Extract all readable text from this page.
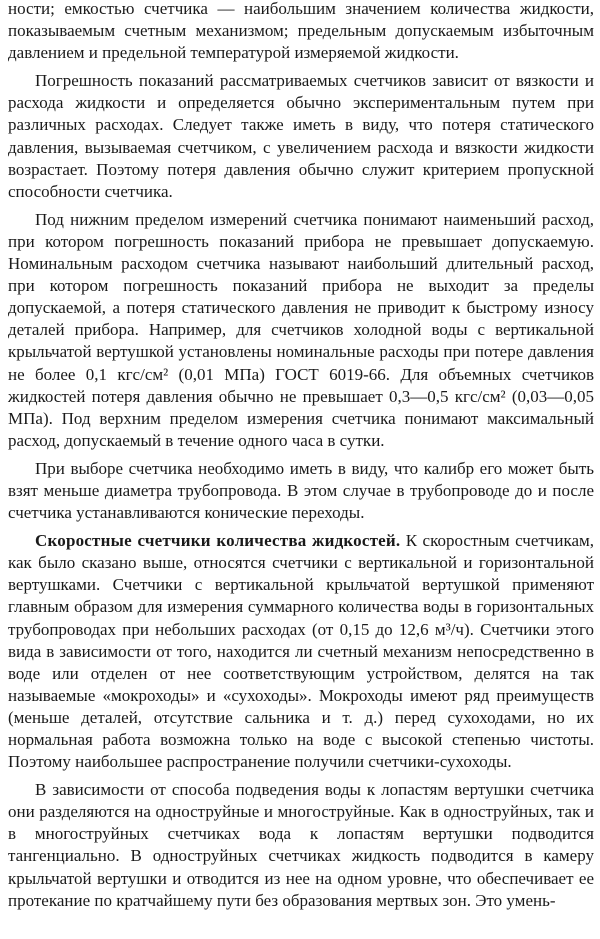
ности; емкостью счетчика — наибольшим значением количества жидкости, показываемым счетным механизмом; предельным допускаемым избыточным давлением и предельной температурой измеряемой жидкости.

Погрешность показаний рассматриваемых счетчиков зависит от вязкости и расхода жидкости и определяется обычно экспериментальным путем при различных расходах. Следует также иметь в виду, что потеря статического давления, вызываемая счетчиком, с увеличением расхода и вязкости жидкости возрастает. Поэтому потеря давления обычно служит критерием пропускной способности счетчика.

Под нижним пределом измерений счетчика понимают наименьший расход, при котором погрешность показаний прибора не превышает допускаемую. Номинальным расходом счетчика называют наибольший длительный расход, при котором погрешность показаний прибора не выходит за пределы допускаемой, а потеря статического давления не приводит к быстрому износу деталей прибора. Например, для счетчиков холодной воды с вертикальной крыльчатой вертушкой установлены номинальные расходы при потере давления не более 0,1 кгс/см² (0,01 МПа) ГОСТ 6019-66. Для объемных счетчиков жидкостей потеря давления обычно не превышает 0,3—0,5 кгс/см² (0,03—0,05 МПа). Под верхним пределом измерения счетчика понимают максимальный расход, допускаемый в течение одного часа в сутки.

При выборе счетчика необходимо иметь в виду, что калибр его может быть взят меньше диаметра трубопровода. В этом случае в трубопроводе до и после счетчика устанавливаются конические переходы.

Скоростные счетчики количества жидкостей. К скоростным счетчикам, как было сказано выше, относятся счетчики с вертикальной и горизонтальной вертушками. Счетчики с вертикальной крыльчатой вертушкой применяют главным образом для измерения суммарного количества воды в горизонтальных трубопроводах при небольших расходах (от 0,15 до 12,6 м³/ч). Счетчики этого вида в зависимости от того, находится ли счетный механизм непосредственно в воде или отделен от нее соответствующим устройством, делятся на так называемые «мокроходы» и «сухоходы». Мокроходы имеют ряд преимуществ (меньше деталей, отсутствие сальника и т. д.) перед сухоходами, но их нормальная работа возможна только на воде с высокой степенью чистоты. Поэтому наибольшее распространение получили счетчики-сухоходы.

В зависимости от способа подведения воды к лопастям вертушки счетчика они разделяются на одноструйные и многоструйные. Как в одноструйных, так и в многоструйных счетчиках вода к лопастям вертушки подводится тангенциально. В одноструйных счетчиках жидкость подводится в камеру крыльчатой вертушки и отводится из нее на одном уровне, что обеспечивает ее протекание по кратчайшему пути без образования мертвых зон. Это умень-
